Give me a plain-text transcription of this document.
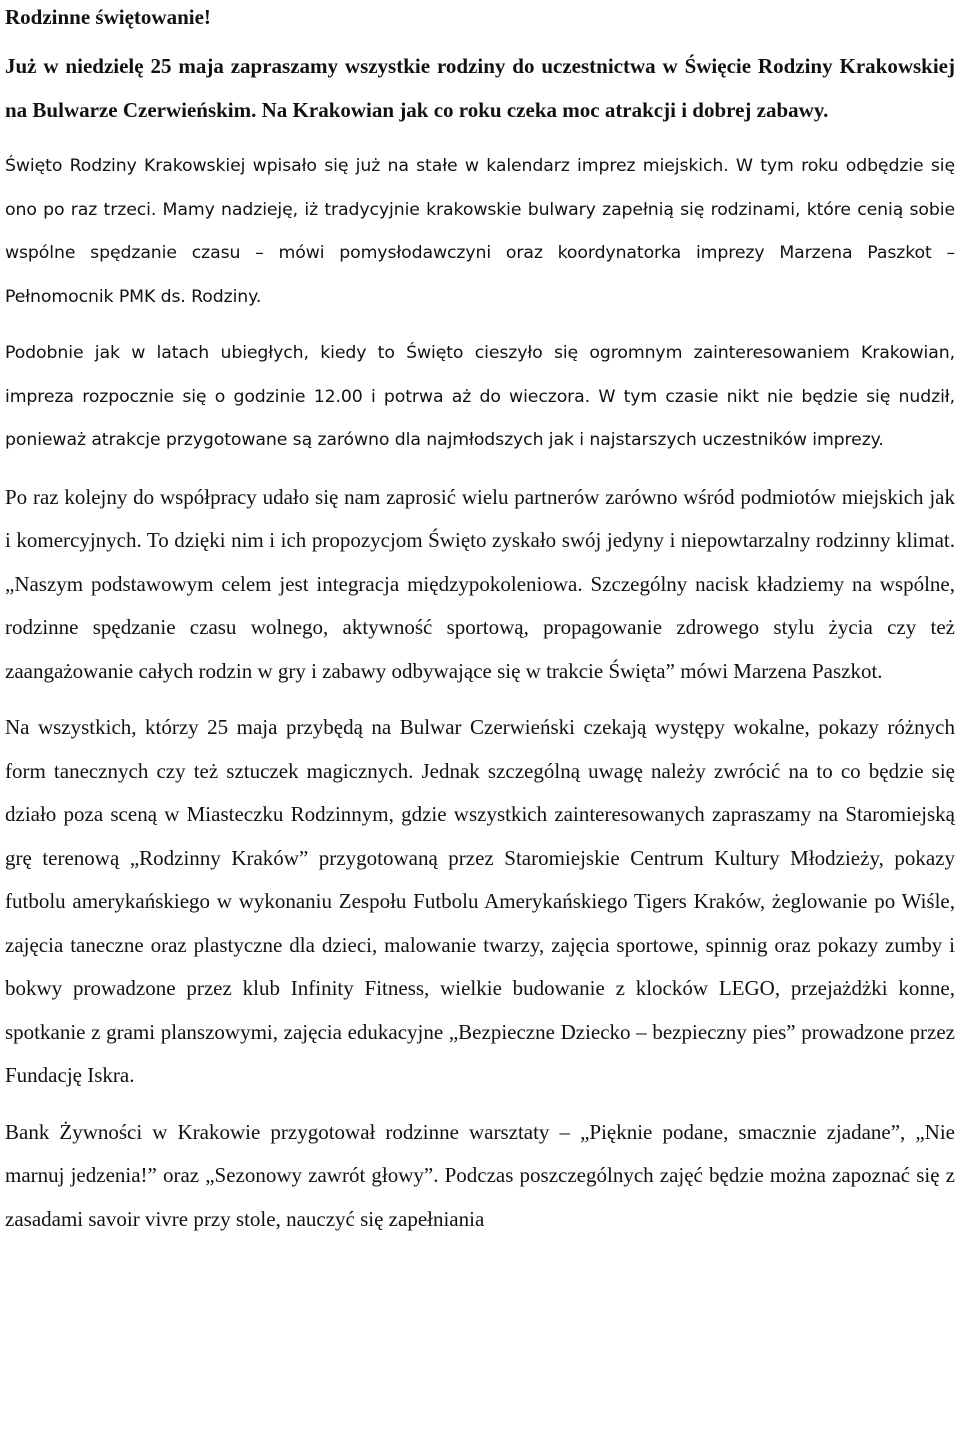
Rodzinne świętowanie!

Już w niedzielę 25 maja zapraszamy wszystkie rodziny do uczestnictwa w Święcie Rodziny Krakowskiej na Bulwarze Czerwieńskim. Na Krakowian jak co roku czeka moc atrakcji i dobrej zabawy.

Święto Rodziny Krakowskiej wpisało się już na stałe w kalendarz imprez miejskich. W tym roku odbędzie się ono po raz trzeci. Mamy nadzieję, iż tradycyjnie krakowskie bulwary zapełnią się rodzinami, które cenią sobie wspólne spędzanie czasu – mówi pomysłodawczyni oraz koordynatorka imprezy Marzena Paszkot – Pełnomocnik PMK ds. Rodziny.

Podobnie jak w latach ubiegłych, kiedy to Święto cieszyło się ogromnym zainteresowaniem Krakowian, impreza rozpocznie się o godzinie 12.00 i potrwa aż do wieczora. W tym czasie nikt nie będzie się nudził, ponieważ atrakcje przygotowane są zarówno dla najmłodszych jak i najstarszych uczestników imprezy.

Po raz kolejny do współpracy udało się nam zaprosić wielu partnerów zarówno wśród podmiotów miejskich jak i komercyjnych. To dzięki nim i ich propozycjom Święto zyskało swój jedyny i niepowtarzalny rodzinny klimat. „Naszym podstawowym celem jest integracja międzypokoleniowa. Szczególny nacisk kładziemy na wspólne, rodzinne spędzanie czasu wolnego, aktywność sportową, propagowanie zdrowego stylu życia czy też zaangażowanie całych rodzin w gry i zabawy odbywające się w trakcie Święta” mówi Marzena Paszkot.

Na wszystkich, którzy 25 maja przybędą na Bulwar Czerwieński czekają występy wokalne, pokazy różnych form tanecznych czy też sztuczek magicznych. Jednak szczególną uwagę należy zwrócić na to co będzie się działo poza sceną w Miasteczku Rodzinnym, gdzie wszystkich zainteresowanych zapraszamy na Staromiejską grę terenową „Rodzinny Kraków” przygotowaną przez Staromiejskie Centrum Kultury Młodzieży, pokazy futbolu amerykańskiego w wykonaniu Zespołu Futbolu Amerykańskiego Tigers Kraków, żeglowanie po Wiśle, zajęcia taneczne oraz plastyczne dla dzieci, malowanie twarzy, zajęcia sportowe, spinnig oraz pokazy zumby i bokwy prowadzone przez klub Infinity Fitness, wielkie budowanie z klocków LEGO, przejażdżki konne, spotkanie z grami planszowymi, zajęcia edukacyjne „Bezpieczne Dziecko – bezpieczny pies” prowadzone przez Fundację Iskra.

Bank Żywności w Krakowie przygotował rodzinne warsztaty – „Pięknie podane, smacznie zjadane”, „Nie marnuj jedzenia!” oraz „Sezonowy zawrót głowy”. Podczas poszczególnych zajęć będzie można zapoznać się z zasadami savoir vivre przy stole, nauczyć się zapełniania
